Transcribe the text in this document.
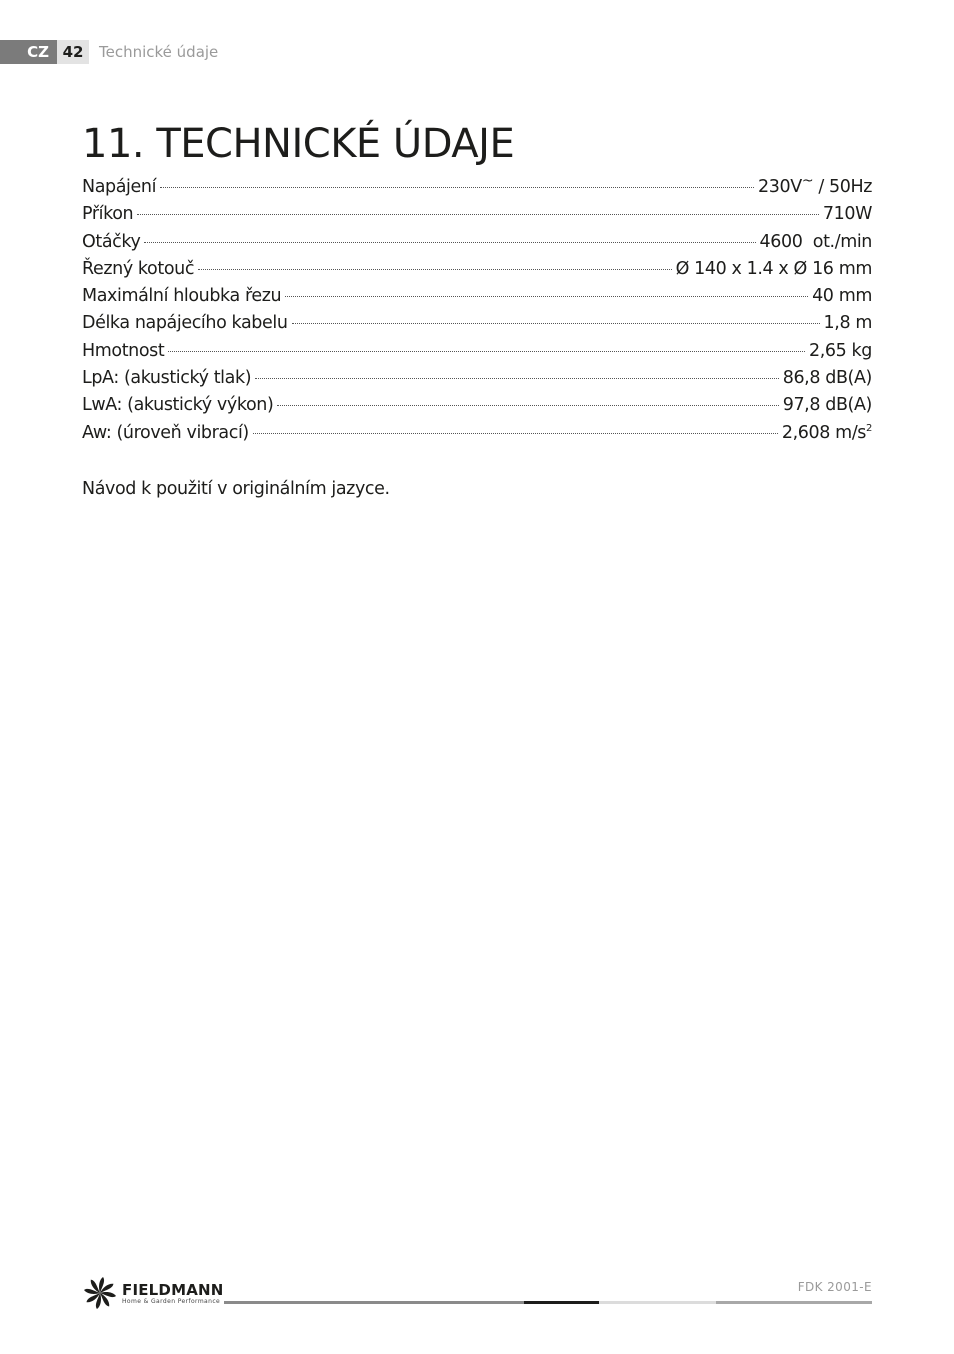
CZ 42	Technické údaje
11. TECHNICKÉ ÚDAJE
Napájení	230V~ / 50Hz
Příkon	710W
Otáčky	4600  ot./min
Řezný kotouč	Ø 140 x 1.4 x Ø 16 mm
Maximální hloubka řezu	40 mm
Délka napájecího kabelu	1,8 m
Hmotnost	2,65 kg
LpA: (akustický tlak)	86,8 dB(A)
LwA: (akustický výkon)	97,8 dB(A)
Aw: (úroveň vibrací)	2,608 $m/s^2$

Návod k použití v originálním jazyce.

FIELDMANN
Home & Garden Performance
FDK 2001-E
